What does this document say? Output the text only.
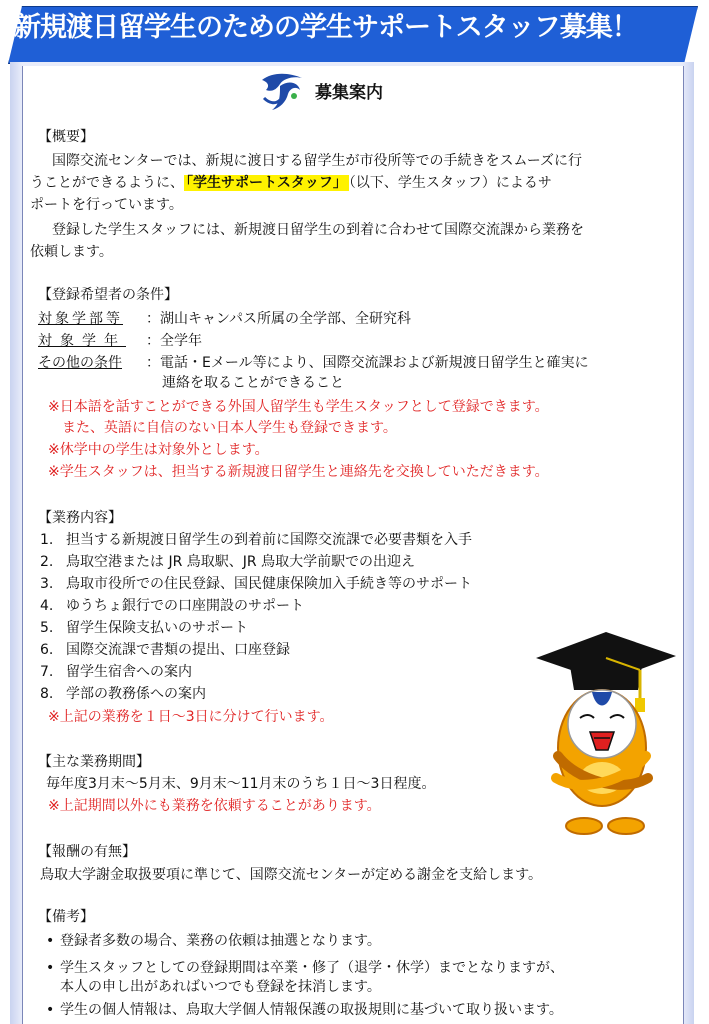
新規渡日留学生のための学生サポートスタッフ募集！
募集案内
【概要】
　国際交流センターでは、新規に渡日する留学生が市役所等での手続きをスムーズに行
うことができるように、 「学生サポートスタッフ」 （以下、学生スタッフ）によるサ
ポートを行っています。
　登録した学生スタッフには、新規渡日留学生の到着に合わせて国際交流課から業務を
依頼します。
【登録希望者の条件】
対象学部等 ：湖山キャンパス所属の全学部、全研究科
対象学年 ：全学年
その他の条件 ：電話・Eメール等により、国際交流課および新規渡日留学生と確実に
連絡を取ることができること
※日本語を話すことができる外国人留学生も学生スタッフとして登録できます。
　また、英語に自信のない日本人学生も登録できます。
※休学中の学生は対象外とします。
※学生スタッフは、担当する新規渡日留学生と連絡先を交換していただきます。
【業務内容】
1. 担当する新規渡日留学生の到着前に国際交流課で必要書類を入手
2. 鳥取空港または JR 鳥取駅、JR 鳥取大学前駅での出迎え
3. 鳥取市役所での住民登録、国民健康保険加入手続き等のサポート
4. ゆうちょ銀行での口座開設のサポート
5. 留学生保険支払いのサポート
6. 国際交流課で書類の提出、口座登録
7. 留学生宿舎への案内
8. 学部の教務係への案内
※上記の業務を１日～3日に分けて行います。
【主な業務期間】
毎年度3月末～5月末、9月末～11月末のうち１日～3日程度。
※上記期間以外にも業務を依頼することがあります。
【報酬の有無】
鳥取大学謝金取扱要項に準じて、国際交流センターが定める謝金を支給します。
【備考】
• 登録者多数の場合、業務の依頼は抽選となります。
• 学生スタッフとしての登録期間は卒業・修了（退学・休学）までとなりますが、
本人の申し出があればいつでも登録を抹消します。
• 学生の個人情報は、鳥取大学個人情報保護の取扱規則に基づいて取り扱います。
